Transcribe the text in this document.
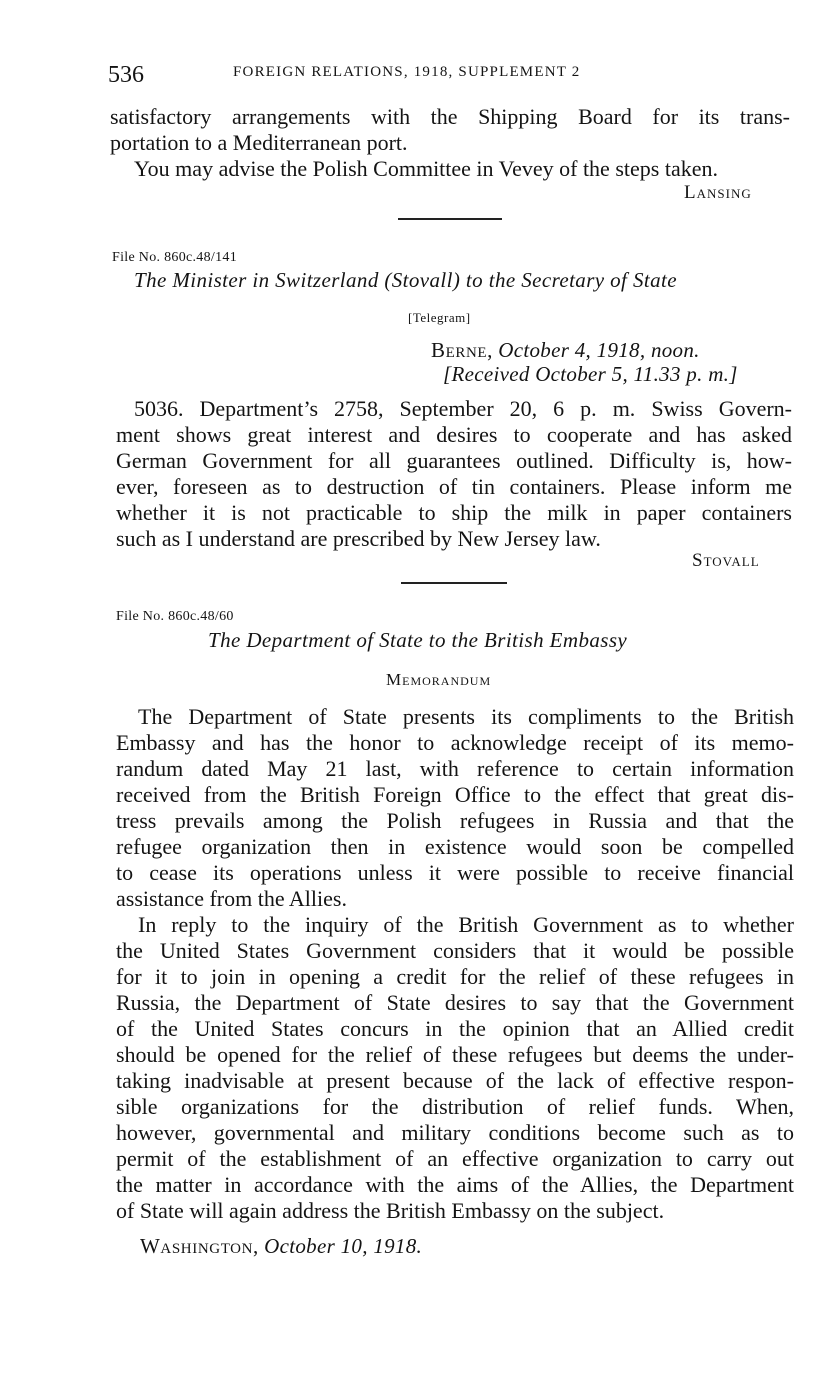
536	FOREIGN RELATIONS, 1918, SUPPLEMENT 2
satisfactory arrangements with the Shipping Board for its trans-
portation to a Mediterranean port.
You may advise the Polish Committee in Vevey of the steps taken.
Lansing
File No. 860c.48/141
The Minister in Switzerland (Stovall) to the Secretary of State
[Telegram]
Berne, October 4, 1918, noon.
[Received October 5, 11.33 p. m.]
5036. Department’s 2758, September 20, 6 p. m. Swiss Govern-
ment shows great interest and desires to cooperate and has asked
German Government for all guarantees outlined. Difficulty is, how-
ever, foreseen as to destruction of tin containers. Please inform me
whether it is not practicable to ship the milk in paper containers
such as I understand are prescribed by New Jersey law.
Stovall
File No. 860c.48/60
The Department of State to the British Embassy
Memorandum
The Department of State presents its compliments to the British
Embassy and has the honor to acknowledge receipt of its memo-
randum dated May 21 last, with reference to certain information
received from the British Foreign Office to the effect that great dis-
tress prevails among the Polish refugees in Russia and that the
refugee organization then in existence would soon be compelled
to cease its operations unless it were possible to receive financial
assistance from the Allies.
In reply to the inquiry of the British Government as to whether
the United States Government considers that it would be possible
for it to join in opening a credit for the relief of these refugees in
Russia, the Department of State desires to say that the Government
of the United States concurs in the opinion that an Allied credit
should be opened for the relief of these refugees but deems the under-
taking inadvisable at present because of the lack of effective respon-
sible organizations for the distribution of relief funds. When,
however, governmental and military conditions become such as to
permit of the establishment of an effective organization to carry out
the matter in accordance with the aims of the Allies, the Department
of State will again address the British Embassy on the subject.
Washington, October 10, 1918.
